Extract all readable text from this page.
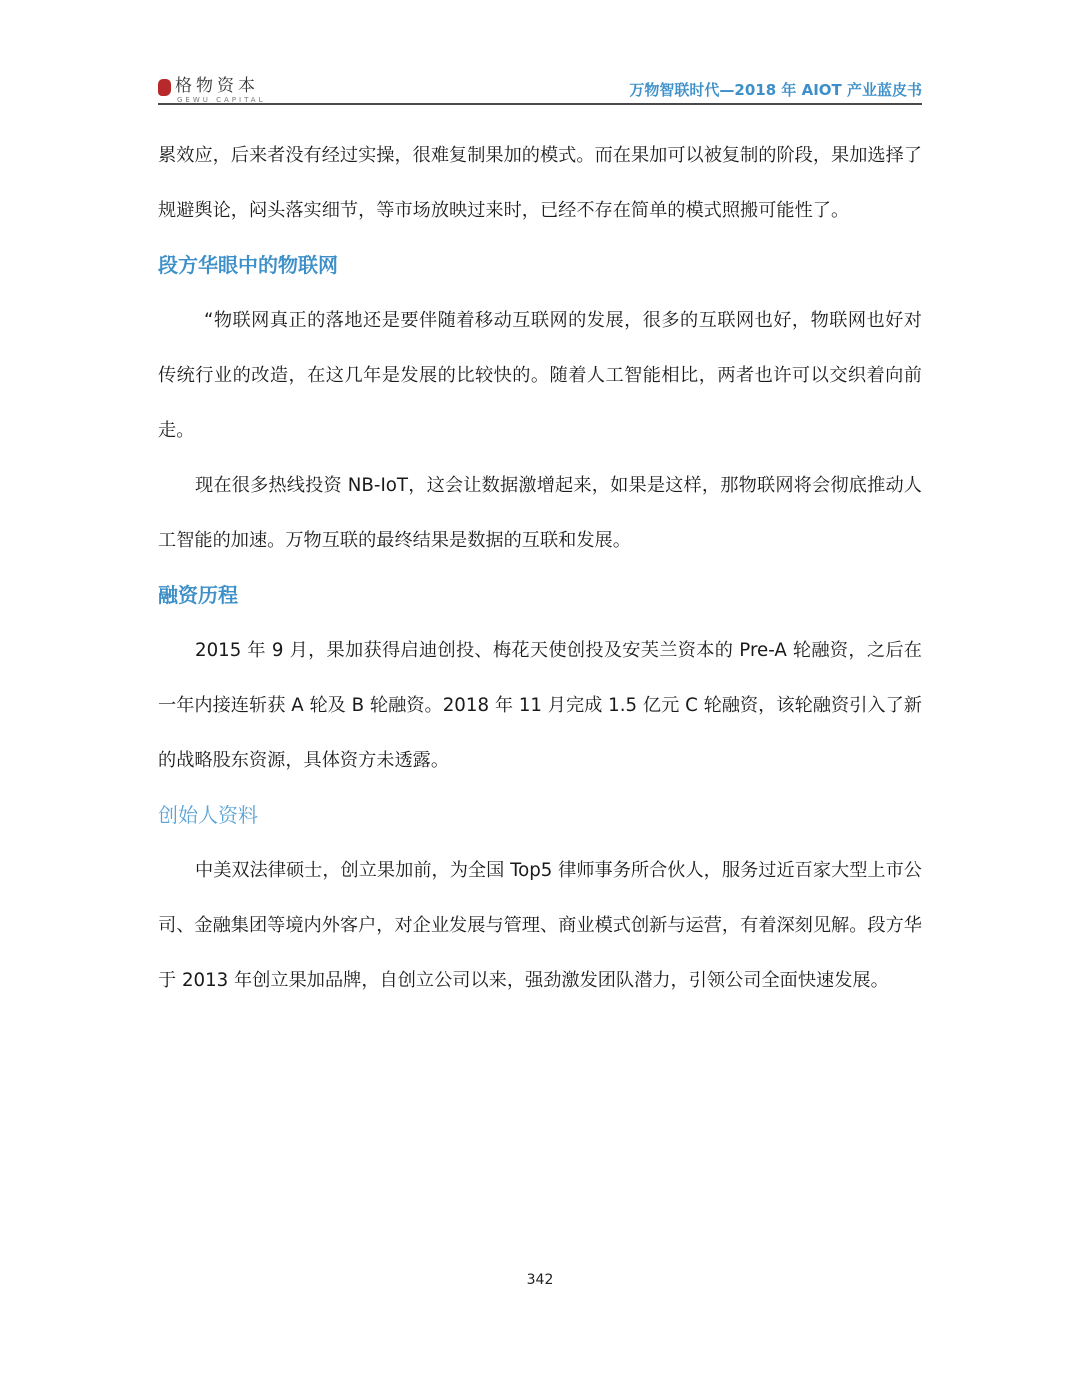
格物资本
GEWU CAPITAL
万物智联时代—2018 年 AIOT 产业蓝皮书

累效应，后来者没有经过实操，很难复制果加的模式。而在果加可以被复制的阶段，果加选择了规避舆论，闷头落实细节，等市场放映过来时，已经不存在简单的模式照搬可能性了。

段方华眼中的物联网

“物联网真正的落地还是要伴随着移动互联网的发展，很多的互联网也好，物联网也好对传统行业的改造，在这几年是发展的比较快的。随着人工智能相比，两者也许可以交织着向前走。

现在很多热线投资 NB-IoT，这会让数据激增起来，如果是这样，那物联网将会彻底推动人工智能的加速。万物互联的最终结果是数据的互联和发展。

融资历程

2015 年 9 月，果加获得启迪创投、梅花天使创投及安芙兰资本的 Pre-A 轮融资，之后在一年内接连斩获 A 轮及 B 轮融资。2018 年 11 月完成 1.5 亿元 C 轮融资，该轮融资引入了新的战略股东资源，具体资方未透露。

创始人资料

中美双法律硕士，创立果加前，为全国 Top5 律师事务所合伙人，服务过近百家大型上市公司、金融集团等境内外客户，对企业发展与管理、商业模式创新与运营，有着深刻见解。段方华于 2013 年创立果加品牌，自创立公司以来，强劲激发团队潜力，引领公司全面快速发展。

342
